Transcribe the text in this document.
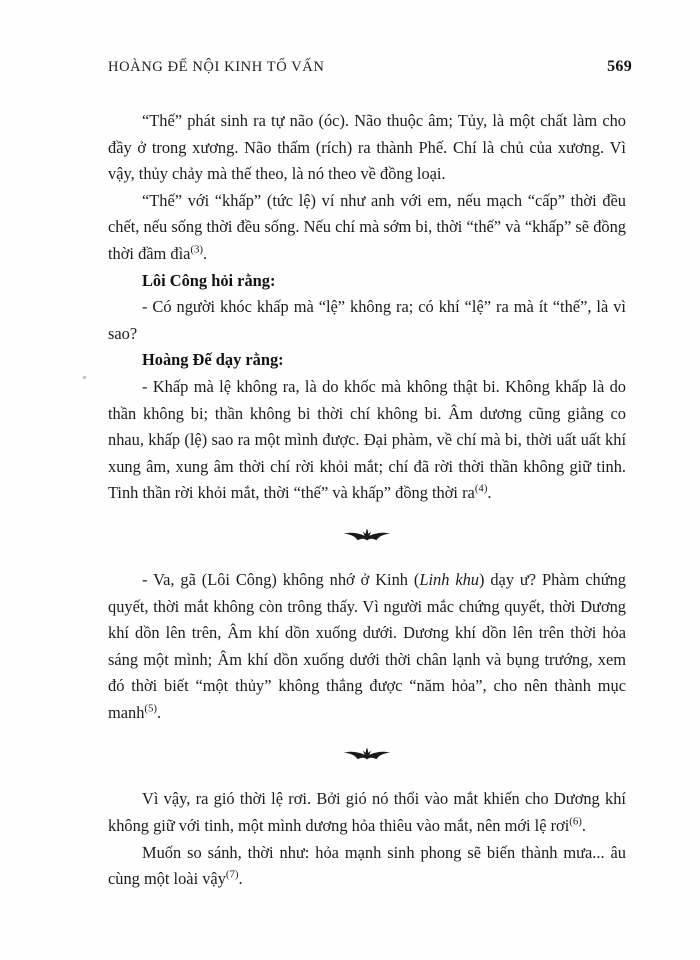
HOÀNG ĐẾ NỘI KINH TỐ VẤN	569

“Thế” phát sinh ra tự não (óc). Não thuộc âm; Tủy, là một chất làm cho đầy ở trong xương. Não thấm (rích) ra thành Phế. Chí là chủ của xương. Vì vậy, thủy chảy mà thế theo, là nó theo về đồng loại.

“Thế” với “khấp” (tức lệ) ví như anh với em, nếu mạch “cấp” thời đều chết, nếu sống thời đều sống. Nếu chí mà sớm bi, thời “thế” và “khấp” sẽ đồng thời đầm đìa$^{(3)}$.

Lôi Công hỏi rằng:

- Có người khóc khấp mà “lệ” không ra; có khí “lệ” ra mà ít “thế”, là vì sao?

Hoàng Đế dạy rằng:

- Khấp mà lệ không ra, là do khốc mà không thật bi. Không khấp là do thần không bi; thần không bi thời chí không bi. Âm dương cũng giằng co nhau, khấp (lệ) sao ra một mình được. Đại phàm, về chí mà bi, thời uất uất khí xung âm, xung âm thời chí rời khỏi mắt; chí đã rời thời thần không giữ tinh. Tinh thần rời khỏi mắt, thời “thế” và khấp” đồng thời ra$^{(4)}$.

- Va, gã (Lôi Công) không nhớ ở Kinh (Linh khu) dạy ư? Phàm chứng quyết, thời mắt không còn trông thấy. Vì người mắc chứng quyết, thời Dương khí dồn lên trên, Âm khí dồn xuống dưới. Dương khí dồn lên trên thời hỏa sáng một mình; Âm khí dồn xuống dưới thời chân lạnh và bụng trướng, xem đó thời biết “một thủy” không thắng được “năm hỏa”, cho nên thành mục manh$^{(5)}$.

Vì vậy, ra gió thời lệ rơi. Bởi gió nó thổi vào mắt khiến cho Dương khí không giữ với tinh, một mình dương hỏa thiêu vào mắt, nên mới lệ rơi$^{(6)}$.

Muốn so sánh, thời như: hỏa mạnh sinh phong sẽ biến thành mưa... âu cùng một loài vậy$^{(7)}$.
